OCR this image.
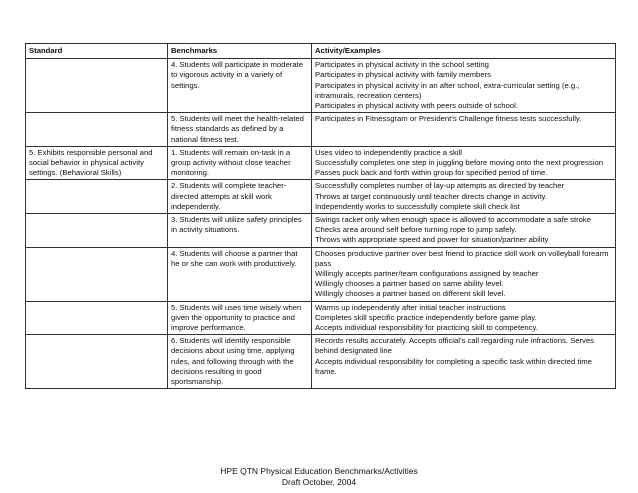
Standard	Benchmarks	Activity/Examples
	4. Students will participate in moderate to vigorous activity in a variety of settings.	Participates in physical activity in the school setting
Participates in physical activity with family members
Participates in physical activity in an after school, extra-curricular setting (e.g., intramurals, recreation centers)
Participates in physical activity with peers outside of school.

	5. Students will meet the health-related fitness standards as defined by a national fitness test.	Participates in Fitnessgram or President’s Challenge fitness tests successfully.

5. Exhibits responsible personal and social behavior in physical activity settings. (Behavioral Skills)	1. Students will remain on-task in a group activity without close teacher monitoring.	Uses video to independently practice a skill
Successfully completes one step in juggling before moving onto the next progression
Passes puck back and forth within group for specified period of time.

	2. Students will complete teacher-directed attempts at skill work independently.	Successfully completes number of lay-up attempts as directed by teacher
Throws at target continuously until teacher directs change in activity.
Independently works to successfully complete skill check list

	3. Students will utilize safety principles in activity situations.	Swings racket only when enough space is allowed to accommodate a safe stroke
Checks area around self before turning rope to jump safely.
Throws with appropriate speed and power for situation/partner ability

	4. Students will choose a partner that he or she can work with productively.	Chooses productive partner over best friend to practice skill work on volleyball forearm pass
Willingly accepts partner/team configurations assigned by teacher
Willingly chooses a partner based on same ability level.
Willingly chooses a partner based on different skill level.

	5. Students will uses time wisely when given the opportunity to practice and improve performance.	Warms up independently after initial teacher instructions
Completes skill specific practice independently before game play.
Accepts individual responsibility for practicing skill to competency.

	6. Students will identify responsible decisions about using time, applying rules, and following through with the decisions resulting in good sportsmanship.	Records results accurately. Accepts official’s call regarding rule infractions. Serves behind designated line
Accepts individual responsibility for completing a specific task within directed time frame.
HPE QTN Physical Education Benchmarks/Activities
Draft October, 2004
